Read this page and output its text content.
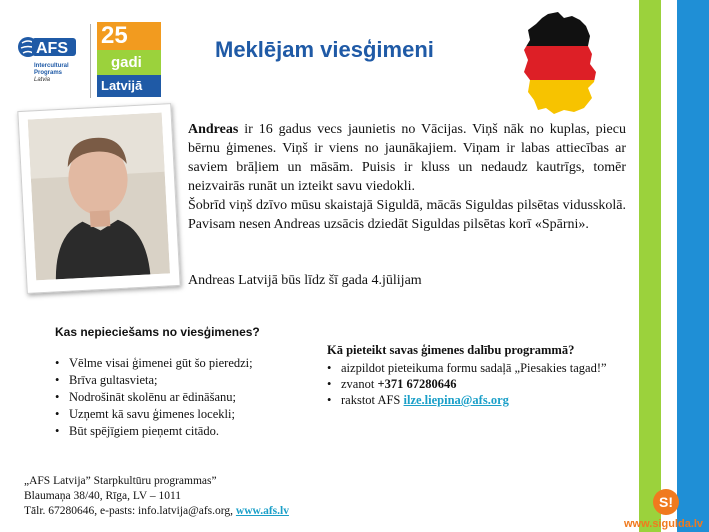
AFS
Intercultural
Programs
Latvia
25
gadi
Latvijā
Meklējam viesģimeni

Andreas ir 16 gadus vecs jaunietis no Vācijas. Viņš nāk no kuplas, piecu bērnu ģimenes. Viņš ir viens no jaunākajiem. Viņam ir labas attiecības ar saviem brāļiem un māsām. Puisis ir kluss un nedaudz kautrīgs, tomēr neizvairās runāt un izteikt savu viedokli.

Šobrīd viņš dzīvo mūsu skaistajā Siguldā, mācās Siguldas pilsētas vidusskolā. Pavisam nesen Andreas uzsācis dziedāt Siguldas pilsētas korī «Spārni».

Andreas Latvijā būs līdz šī gada 4.jūlijam
Kas nepieciešams no viesģimenes?
• Vēlme visai ģimenei gūt šo pieredzi;
• Brīva gultasvieta;
• Nodrošināt skolēnu ar ēdināšanu;
• Uzņemt kā savu ģimenes locekli;
• Būt spējīgiem pieņemt citādo.
Kā pieteikt savas ģimenes dalību programmā?
• aizpildot pieteikuma formu sadaļā „Piesakies tagad!”
• zvanot +371 67280646
• rakstot AFS ilze.liepina@afs.org
„AFS Latvija” Starpkultūru programmas”
Blaumaņa 38/40, Rīga, LV – 1011
Tālr. 67280646, e-pasts: info.latvija@afs.org, www.afs.lv
S!
www.sigulda.lv
